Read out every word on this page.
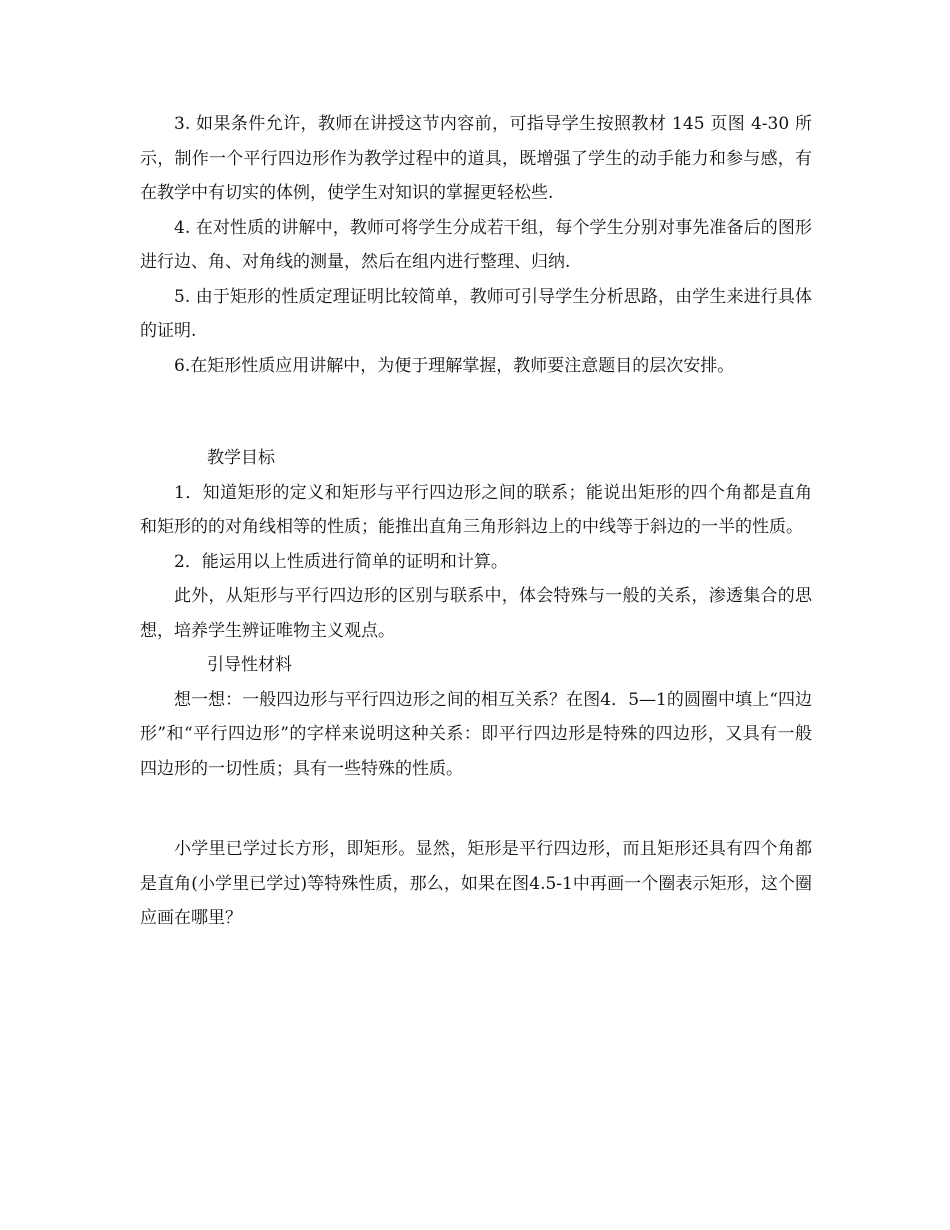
3. 如果条件允许，教师在讲授这节内容前，可指导学生按照教材 145 页图 4-30 所示，制作一个平行四边形作为教学过程中的道具，既增强了学生的动手能力和参与感，有在教学中有切实的体例，使学生对知识的掌握更轻松些.

4. 在对性质的讲解中，教师可将学生分成若干组，每个学生分别对事先准备后的图形进行边、角、对角线的测量，然后在组内进行整理、归纳.

5. 由于矩形的性质定理证明比较简单，教师可引导学生分析思路，由学生来进行具体的证明.

6.在矩形性质应用讲解中，为便于理解掌握，教师要注意题目的层次安排。

教学目标

1．知道矩形的定义和矩形与平行四边形之间的联系；能说出矩形的四个角都是直角和矩形的的对角线相等的性质；能推出直角三角形斜边上的中线等于斜边的一半的性质。

2．能运用以上性质进行简单的证明和计算。

此外，从矩形与平行四边形的区别与联系中，体会特殊与一般的关系，渗透集合的思想，培养学生辨证唯物主义观点。

引导性材料

想一想：一般四边形与平行四边形之间的相互关系？在图4．5—1的圆圈中填上“四边形”和“平行四边形”的字样来说明这种关系：即平行四边形是特殊的四边形，又具有一般四边形的一切性质；具有一些特殊的性质。

小学里已学过长方形，即矩形。显然，矩形是平行四边形，而且矩形还具有四个角都是直角(小学里已学过)等特殊性质，那么，如果在图4.5-1中再画一个圈表示矩形，这个圈应画在哪里？
